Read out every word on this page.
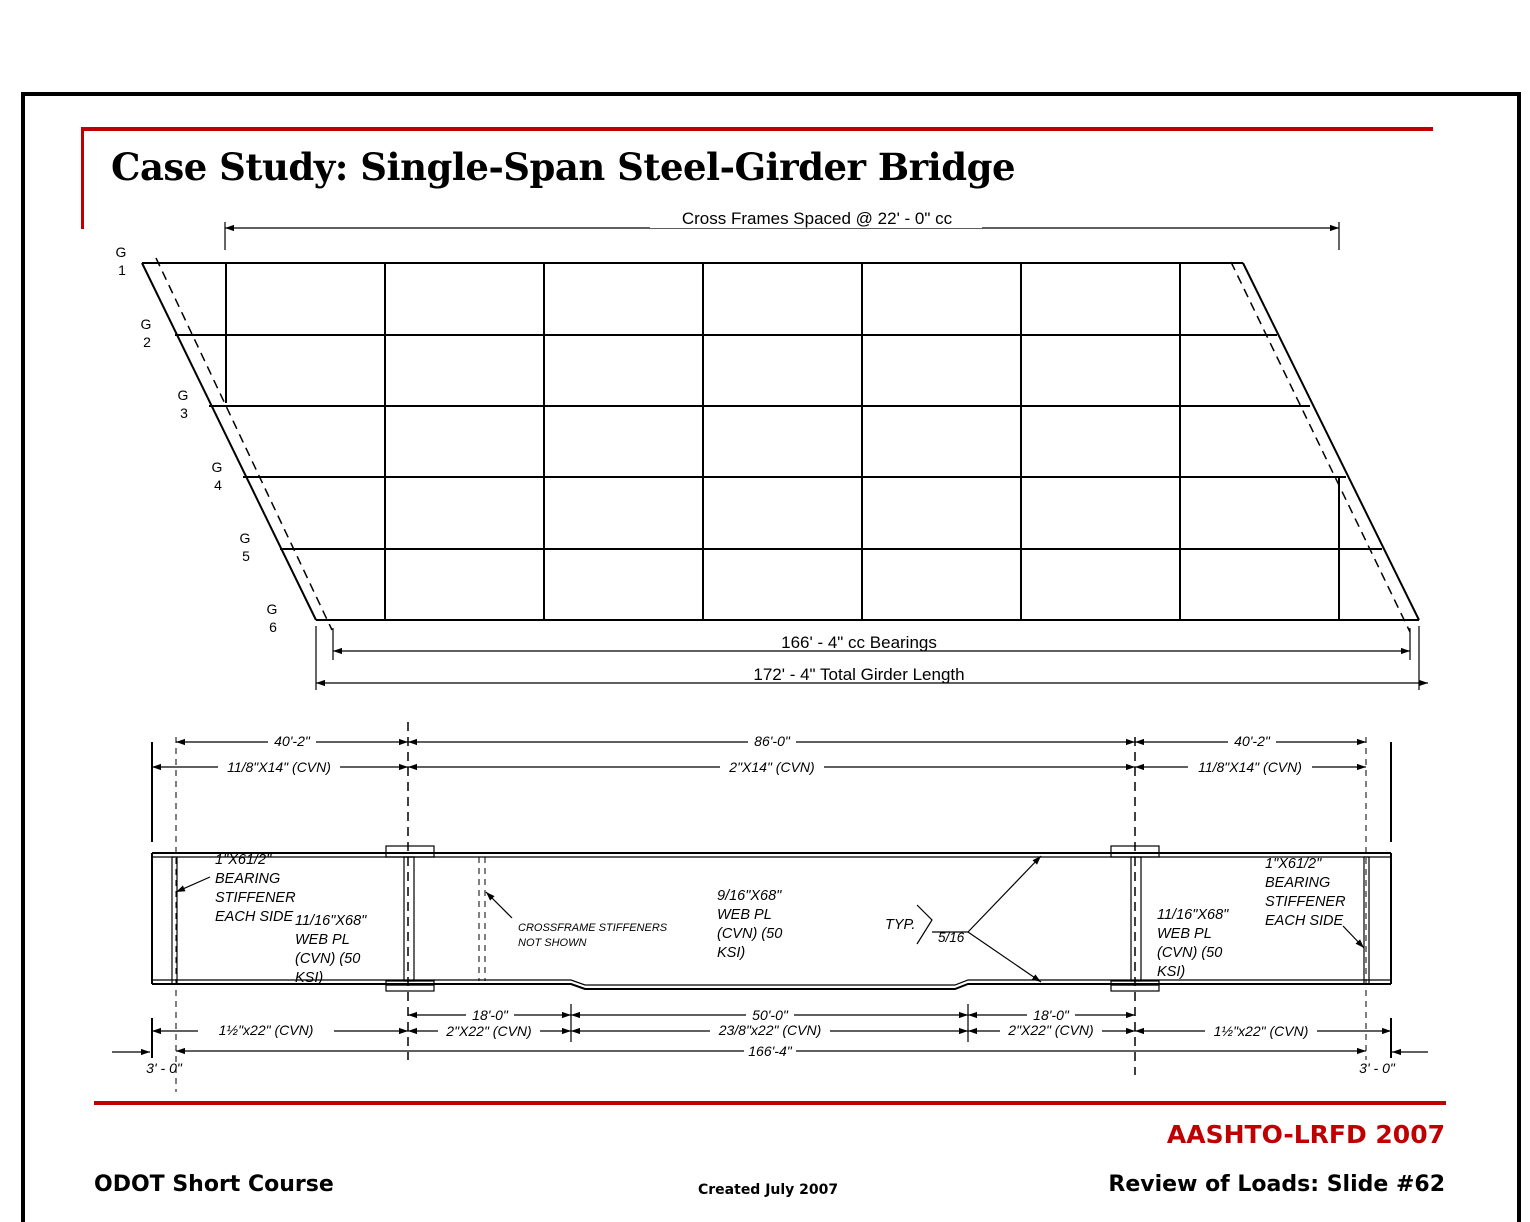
Case Study: Single-Span Steel-Girder Bridge
Cross Frames Spaced @ 22' - 0" cc
G
1
G
2
G
3
G
4
G
5
G
6
166' - 4" cc Bearings
172' - 4" Total Girder Length
40'-2"	86'-0"	40'-2"
11/8"X14" (CVN)	2"X14" (CVN)	11/8"X14" (CVN)
1"X61/2"
BEARING
STIFFENER
EACH SIDE 11/16"X68"
WEB PL
(CVN) (50
KSI)
9/16"X68"
WEB PL
(CVN) (50
KSI)
11/16"X68"
WEB PL
(CVN) (50
KSI)
1"X61/2"
BEARING
STIFFENER
EACH SIDE
TYP.
5/16
CROSSFRAME STIFFENERS
NOT SHOWN
18'-0"	50'-0"	18'-0"
1½"x22" (CVN)	2"X22" (CVN)	23/8"x22" (CVN)	2"X22" (CVN)	1½"x22" (CVN)
166'-4"
3' - 0"	3' - 0"
AASHTO-LRFD 2007
ODOT Short Course	Created July 2007	Review of Loads: Slide #62
